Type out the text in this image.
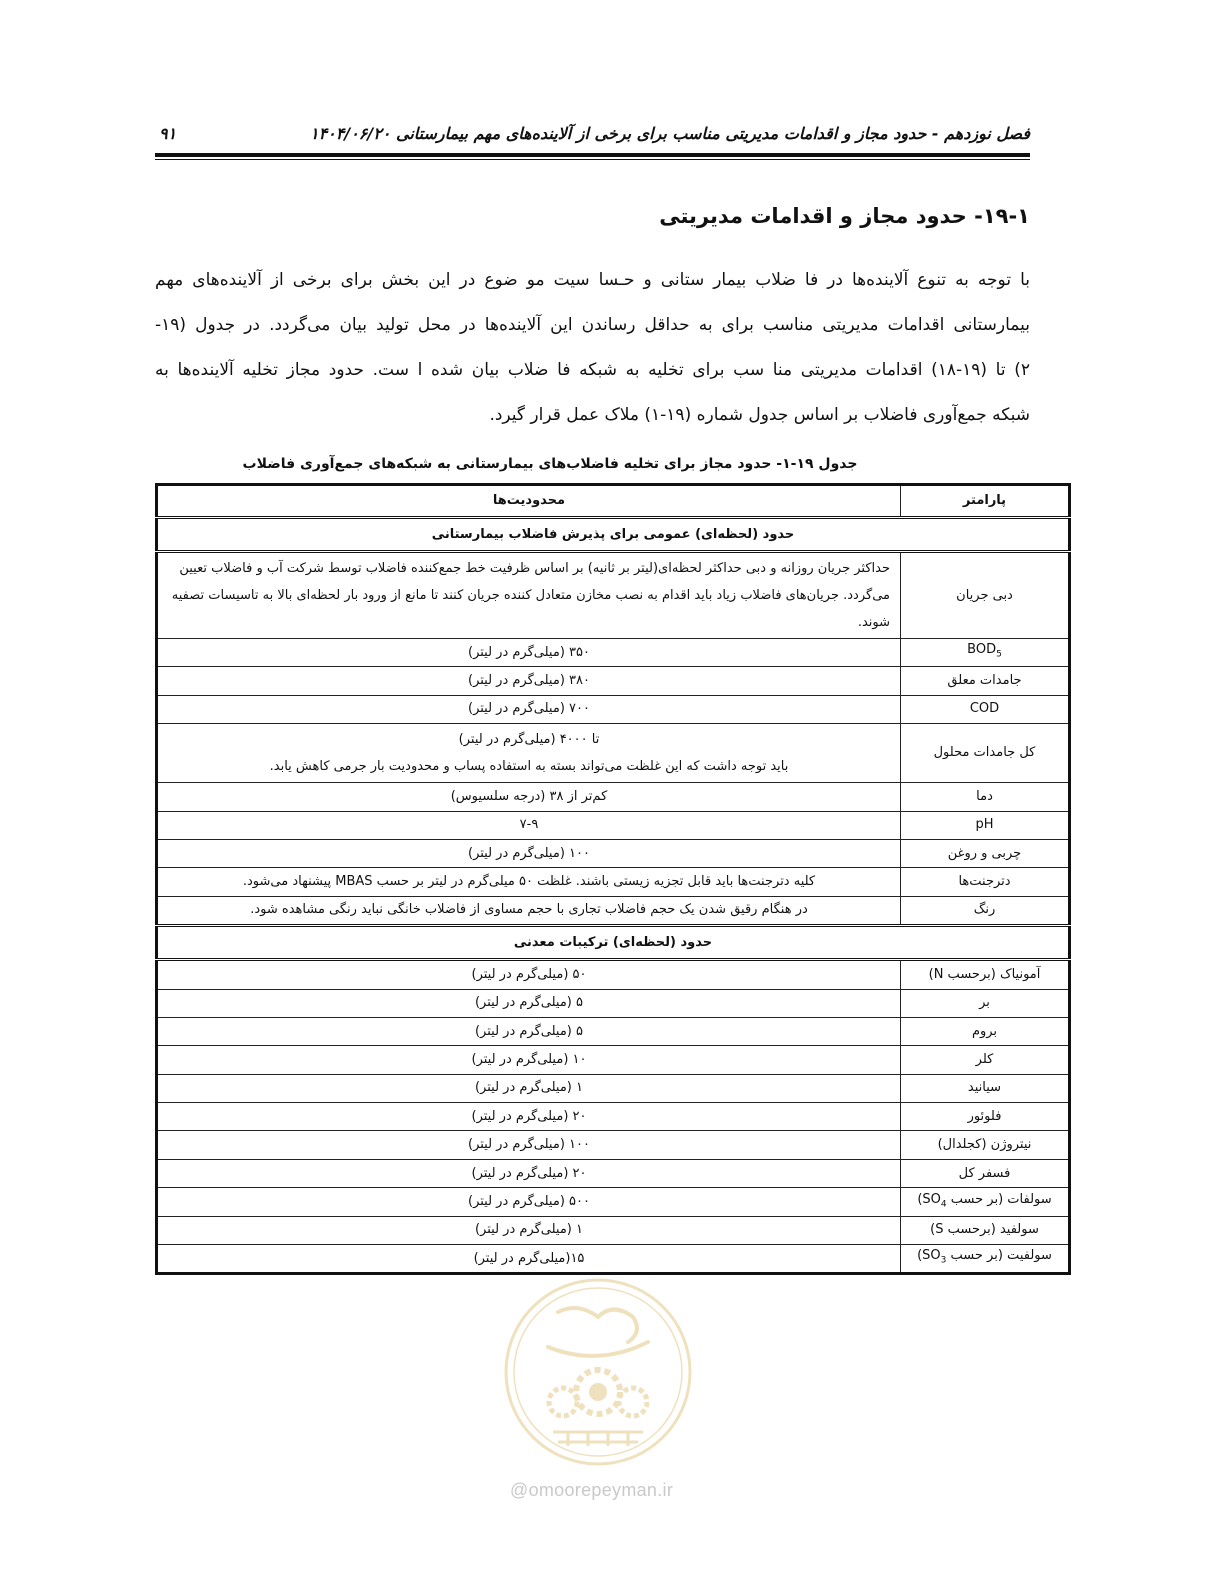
فصل نوزدهم - حدود مجاز و اقدامات مدیریتی مناسب برای برخی از آلاینده‌های مهم بیمارستانی ۱۴۰۴/۰۶/۲۰
۹۱
۱۹-۱- حدود مجاز و اقدامات مدیریتی

با توجه به تنوع آلاینده‌ها در فا ضلاب بیمار ستانی و حـسا سیت مو ضوع در این بخش برای برخی از آلاینده‌های مهم
بیمارستانی اقدامات مدیریتی مناسب برای به حداقل رساندن این آلاینده‌ها در محل تولید بیان می‌گردد. در جدول (۱۹-
۲) تا (۱۹-۱۸) اقدامات مدیریتی منا سب برای تخلیه به شبکه فا ضلاب بیان شده ا ست. حدود مجاز تخلیه آلاینده‌ها به
شبکه جمع‌آوری فاضلاب بر اساس جدول شماره (۱۹-۱) ملاک عمل قرار گیرد.

جدول ۱۹-۱- حدود مجاز برای تخلیه فاضلاب‌های بیمارستانی به شبکه‌های جمع‌آوری فاضلاب
پارامتر	محدودیت‌ها
حدود (لحظه‌ای) عمومی برای پذیرش فاضلاب بیمارستانی	
دبی جریان	حداکثر جریان روزانه و دبی حداکثر لحظه‌ای(لیتر بر ثانیه) بر اساس ظرفیت خط جمع‌کننده فاضلاب توسط شرکت آب و فاضلاب تعیین می‌گردد. جریان‌های فاضلاب زیاد باید اقدام به نصب مخازن متعادل کننده جریان کنند تا مانع از ورود بار لحظه‌ای بالا به تاسیسات تصفیه شوند.
$BOD_5$	۳۵۰ (میلی‌گرم در لیتر)
جامدات معلق	۳۸۰ (میلی‌گرم در لیتر)
COD	۷۰۰ (میلی‌گرم در لیتر)
کل جامدات محلول	تا ۴۰۰۰ (میلی‌گرم در لیتر)
باید توجه داشت که این غلظت می‌تواند بسته به استفاده پساب و محدودیت بار جرمی کاهش یابد.

دما	کم‌تر از ۳۸ (درجه سلسیوس)
pH	۷-۹
چربی و روغن	۱۰۰ (میلی‌گرم در لیتر)
دترجنت‌ها	کلیه دترجنت‌ها باید قابل تجزیه زیستی باشند. غلظت ۵۰ میلی‌گرم در لیتر بر حسب MBAS پیشنهاد می‌شود.
رنگ	در هنگام رقیق شدن یک حجم فاضلاب تجاری با حجم مساوی از فاضلاب خانگی نباید رنگی مشاهده شود.
حدود (لحظه‌ای) ترکیبات معدنی	
آمونیاک (برحسب N)	۵۰ (میلی‌گرم در لیتر)
بر	۵ (میلی‌گرم در لیتر)
بروم	۵ (میلی‌گرم در لیتر)
کلر	۱۰ (میلی‌گرم در لیتر)
سیانید	۱ (میلی‌گرم در لیتر)
فلوئور	۲۰ (میلی‌گرم در لیتر)
نیتروژن (کجلدال)	۱۰۰ (میلی‌گرم در لیتر)
فسفر کل	۲۰ (میلی‌گرم در لیتر)
سولفات (بر حسب $SO_4$)	۵۰۰ (میلی‌گرم در لیتر)
سولفید (برحسب S)	۱ (میلی‌گرم در لیتر)
سولفیت (بر حسب $SO_3$)	۱۵(میلی‌گرم در لیتر)
@omoorepeyman.ir
